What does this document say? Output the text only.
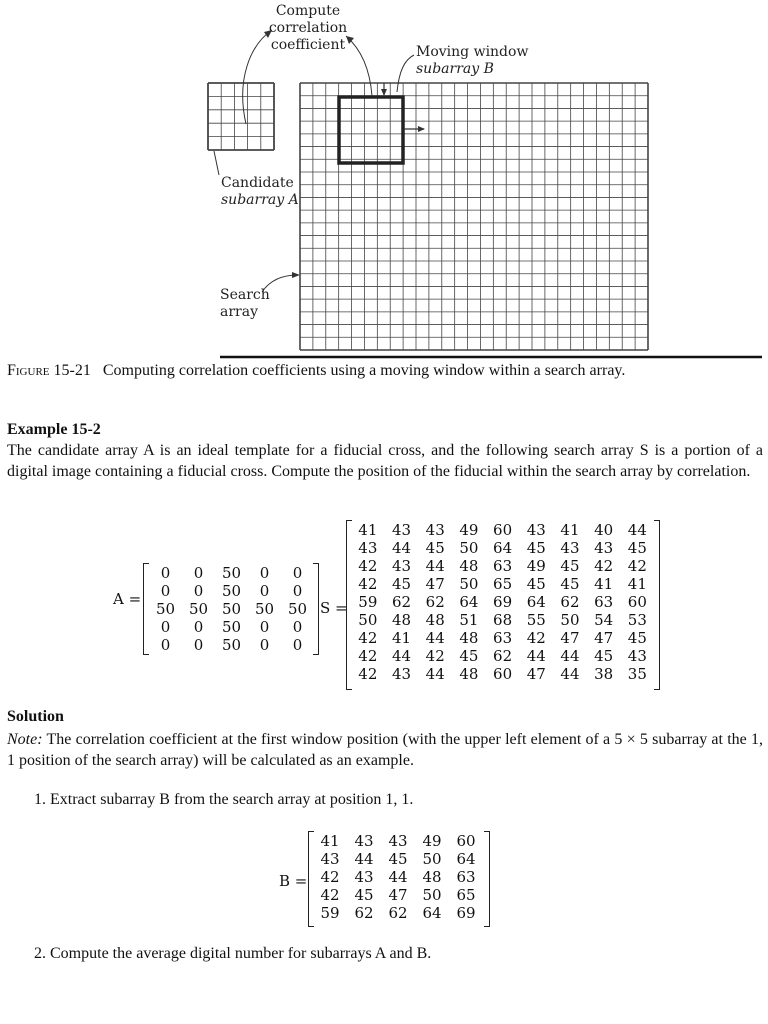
Compute correlation
coefficient	Moving window
subarray B
Candidate
subarray A
Search
array
Figure 15-21 Computing correlation coefficients using a moving window within a search array.
Example 15-2
The candidate array A is an ideal template for a fiducial cross, and the following search array S is a portion of a digital image containing a fiducial cross. Compute the position of the fiducial within the search array by correlation.
A =
0	0	50	0	0
0	0	50	0	0
50 50 50 50 50
0	0	50	0	0
0	0	50	0	0
S =
41 43 43 49 60 43 41 40 44
43 44 45 50 64 45 43 43 45
42 43 44 48 63 49 45 42 42
42 45 47 50 65 45 45 41 41
59 62 62 64 69 64 62 63 60
50 48 48 51 68 55 50 54 53
42 41 44 48 63 42 47 47 45
42 44 42 45 62 44 44 45 43
42 43 44 48 60 47 44 38 35
Solution
Note: The correlation coefficient at the first window position (with the upper left element of a 5 × 5 subarray at the 1, 1 position of the search array) will be calculated as an example.
1. Extract subarray B from the search array at position 1, 1.
B =
41 43 43 49 60
43 44 45 50 64
42 43 44 48 63
42 45 47 50 65
59 62 62 64 69
2. Compute the average digital number for subarrays A and B.
